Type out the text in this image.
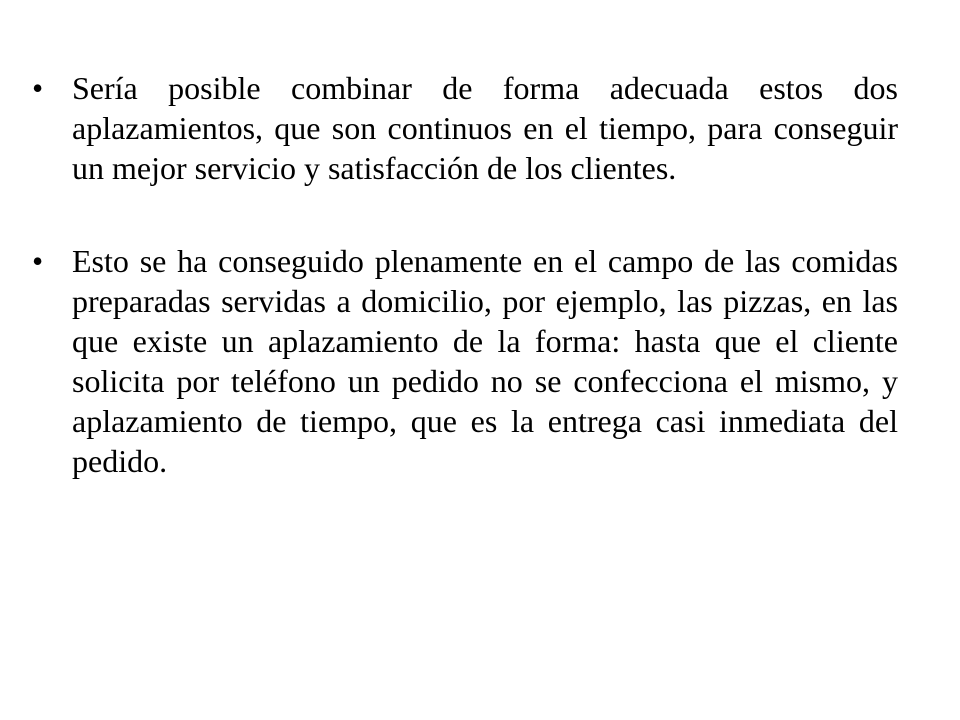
• Sería posible combinar de forma adecuada estos dos aplazamientos, que son continuos en el tiempo, para conseguir un mejor servicio y satisfacción de los clientes.
• Esto se ha conseguido plenamente en el campo de las comidas preparadas servidas a domicilio, por ejemplo, las pizzas, en las que existe un aplazamiento de la forma: hasta que el cliente solicita por teléfono un pedido no se confecciona el mismo, y aplazamiento de tiempo, que es la entrega casi inmediata del pedido.
